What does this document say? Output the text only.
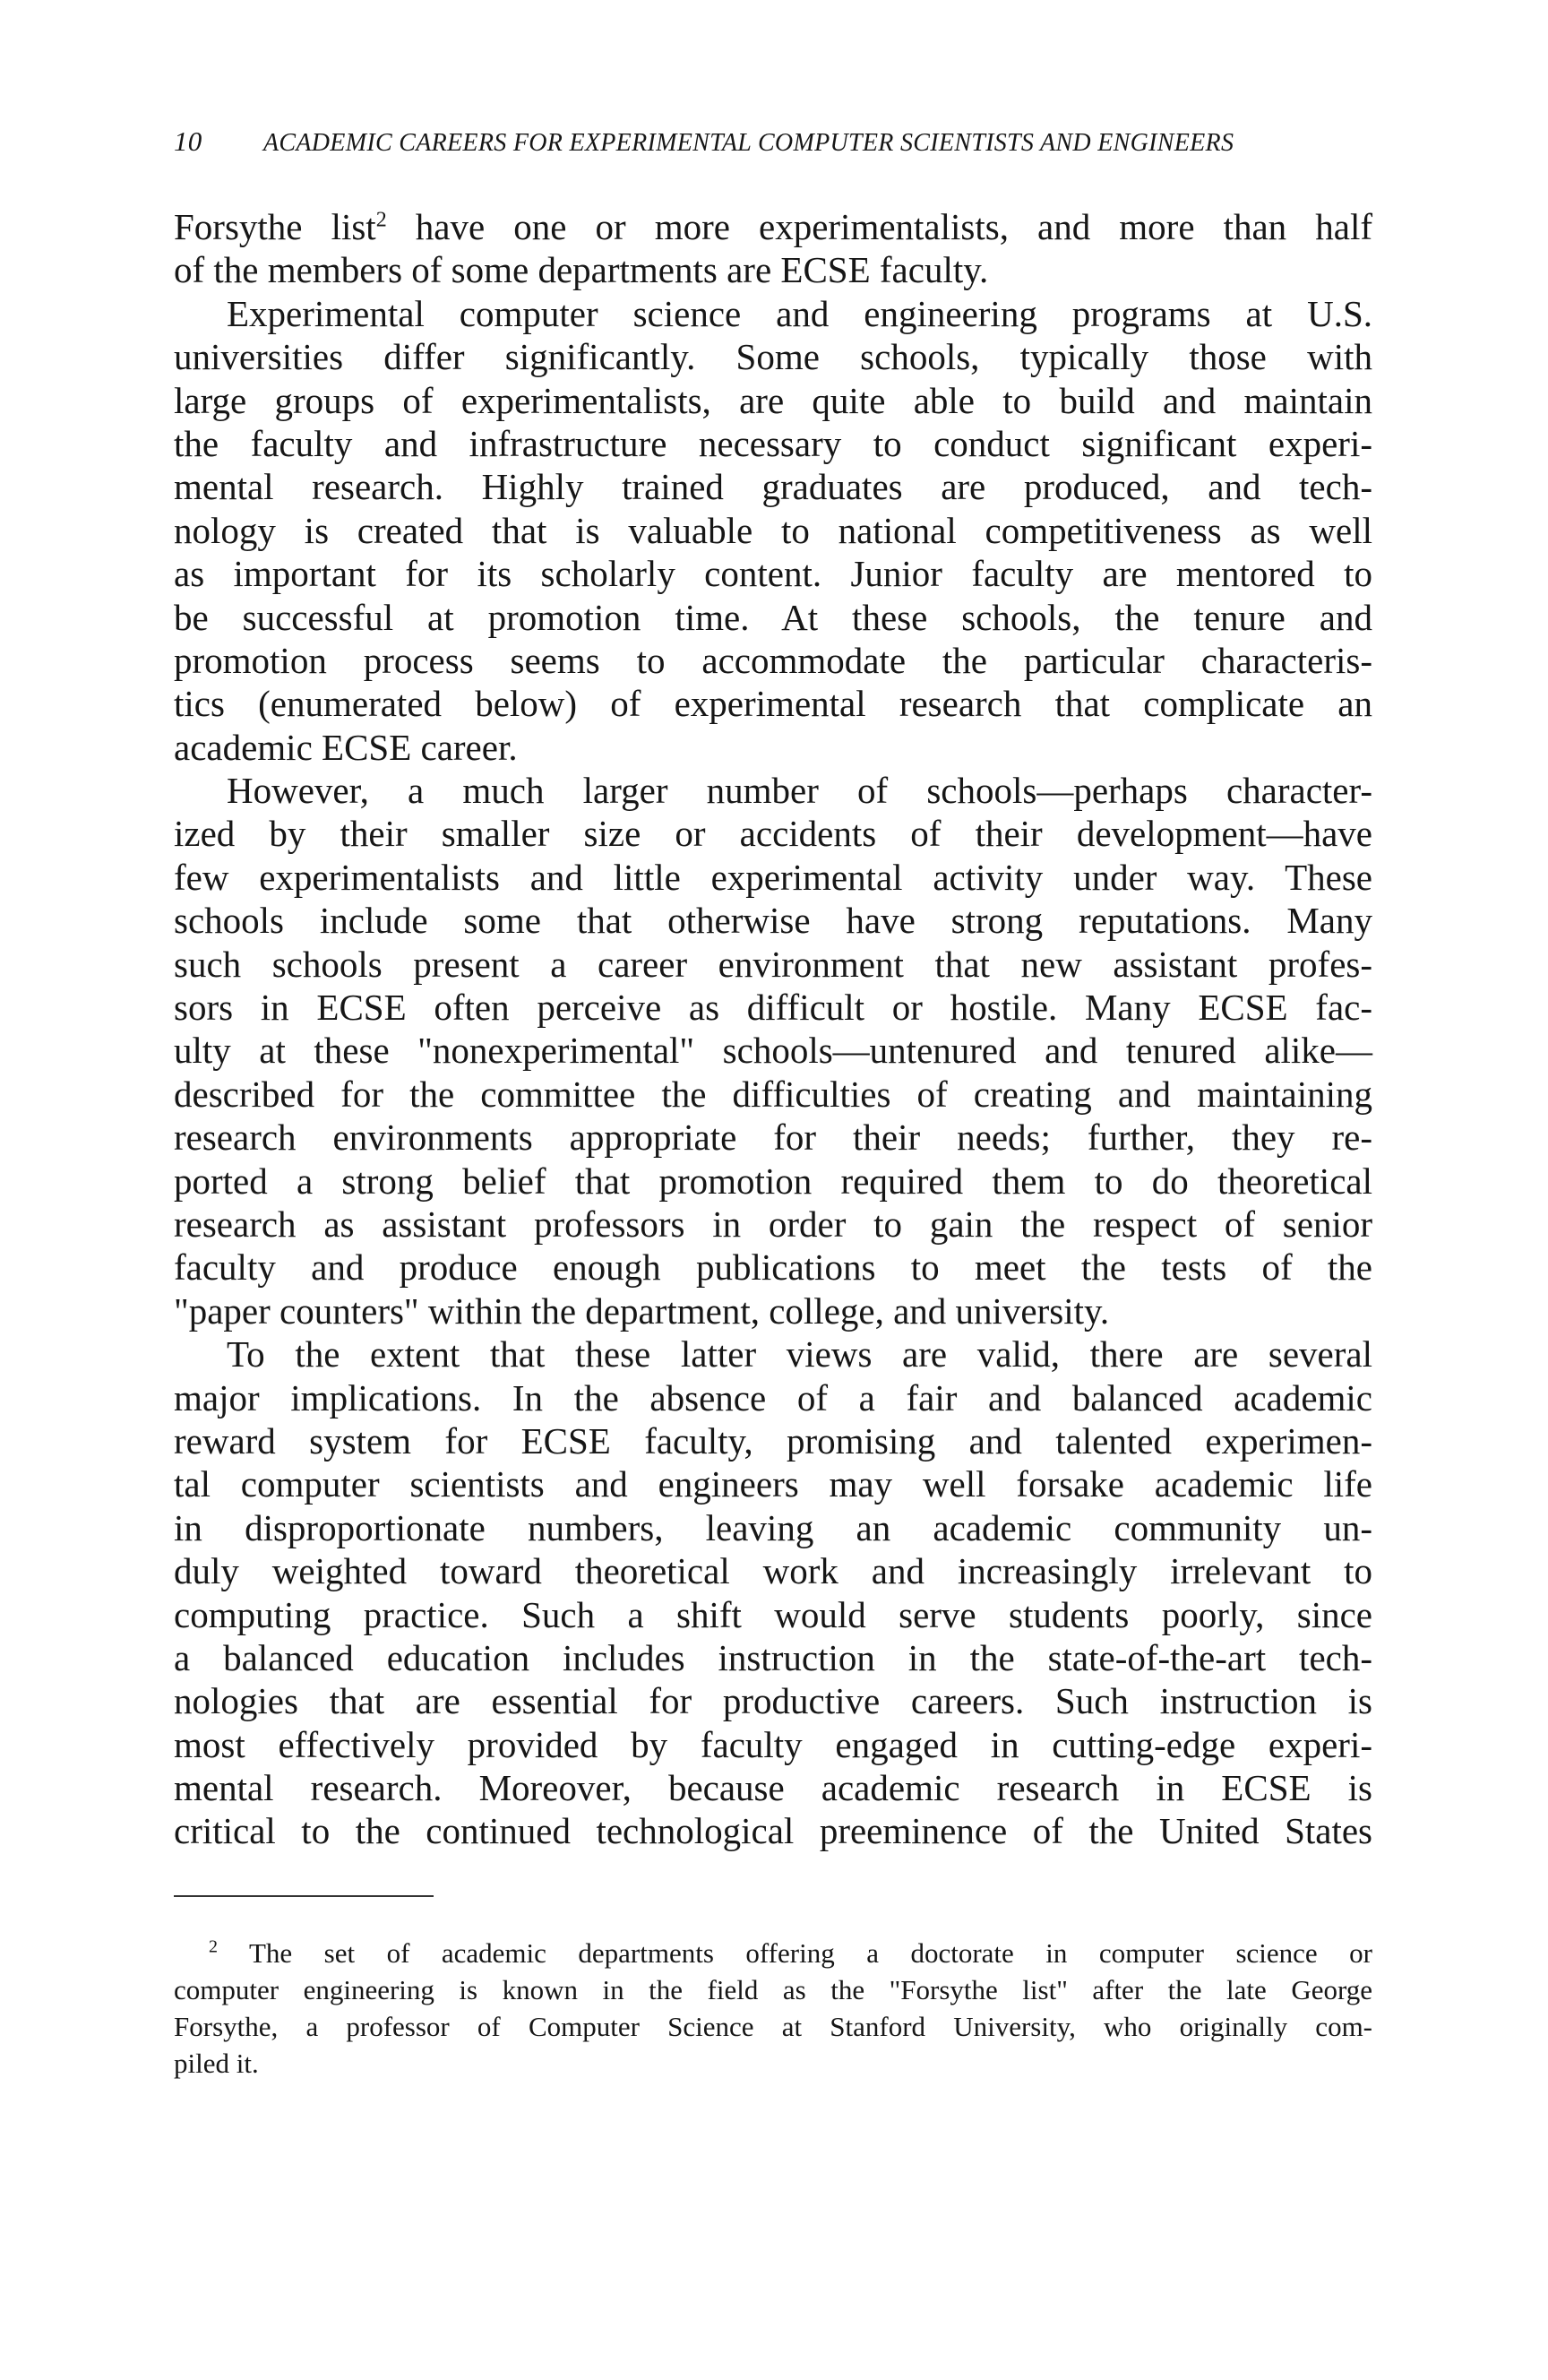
10 ACADEMIC CAREERS FOR EXPERIMENTAL COMPUTER SCIENTISTS AND ENGINEERS
Forsythe list$^2$ have one or more experimentalists, and more than half
of the members of some departments are ECSE faculty.
Experimental computer science and engineering programs at U.S.
universities differ significantly. Some schools, typically those with
large groups of experimentalists, are quite able to build and maintain
the faculty and infrastructure necessary to conduct significant experi-
mental research. Highly trained graduates are produced, and tech-
nology is created that is valuable to national competitiveness as well
as important for its scholarly content. Junior faculty are mentored to
be successful at promotion time. At these schools, the tenure and
promotion process seems to accommodate the particular characteris-
tics (enumerated below) of experimental research that complicate an
academic ECSE career.
However, a much larger number of schools—perhaps character-
ized by their smaller size or accidents of their development—have
few experimentalists and little experimental activity under way. These
schools include some that otherwise have strong reputations. Many
such schools present a career environment that new assistant profes-
sors in ECSE often perceive as difficult or hostile. Many ECSE fac-
ulty at these "nonexperimental" schools—untenured and tenured alike—
described for the committee the difficulties of creating and maintaining
research environments appropriate for their needs; further, they re-
ported a strong belief that promotion required them to do theoretical
research as assistant professors in order to gain the respect of senior
faculty and produce enough publications to meet the tests of the
"paper counters" within the department, college, and university.
To the extent that these latter views are valid, there are several
major implications. In the absence of a fair and balanced academic
reward system for ECSE faculty, promising and talented experimen-
tal computer scientists and engineers may well forsake academic life
in disproportionate numbers, leaving an academic community un-
duly weighted toward theoretical work and increasingly irrelevant to
computing practice. Such a shift would serve students poorly, since
a balanced education includes instruction in the state-of-the-art tech-
nologies that are essential for productive careers. Such instruction is
most effectively provided by faculty engaged in cutting-edge experi-
mental research. Moreover, because academic research in ECSE is
critical to the continued technological preeminence of the United States
$^2$ The set of academic departments offering a doctorate in computer science or
computer engineering is known in the field as the "Forsythe list" after the late George
Forsythe, a professor of Computer Science at Stanford University, who originally com-
piled it.
